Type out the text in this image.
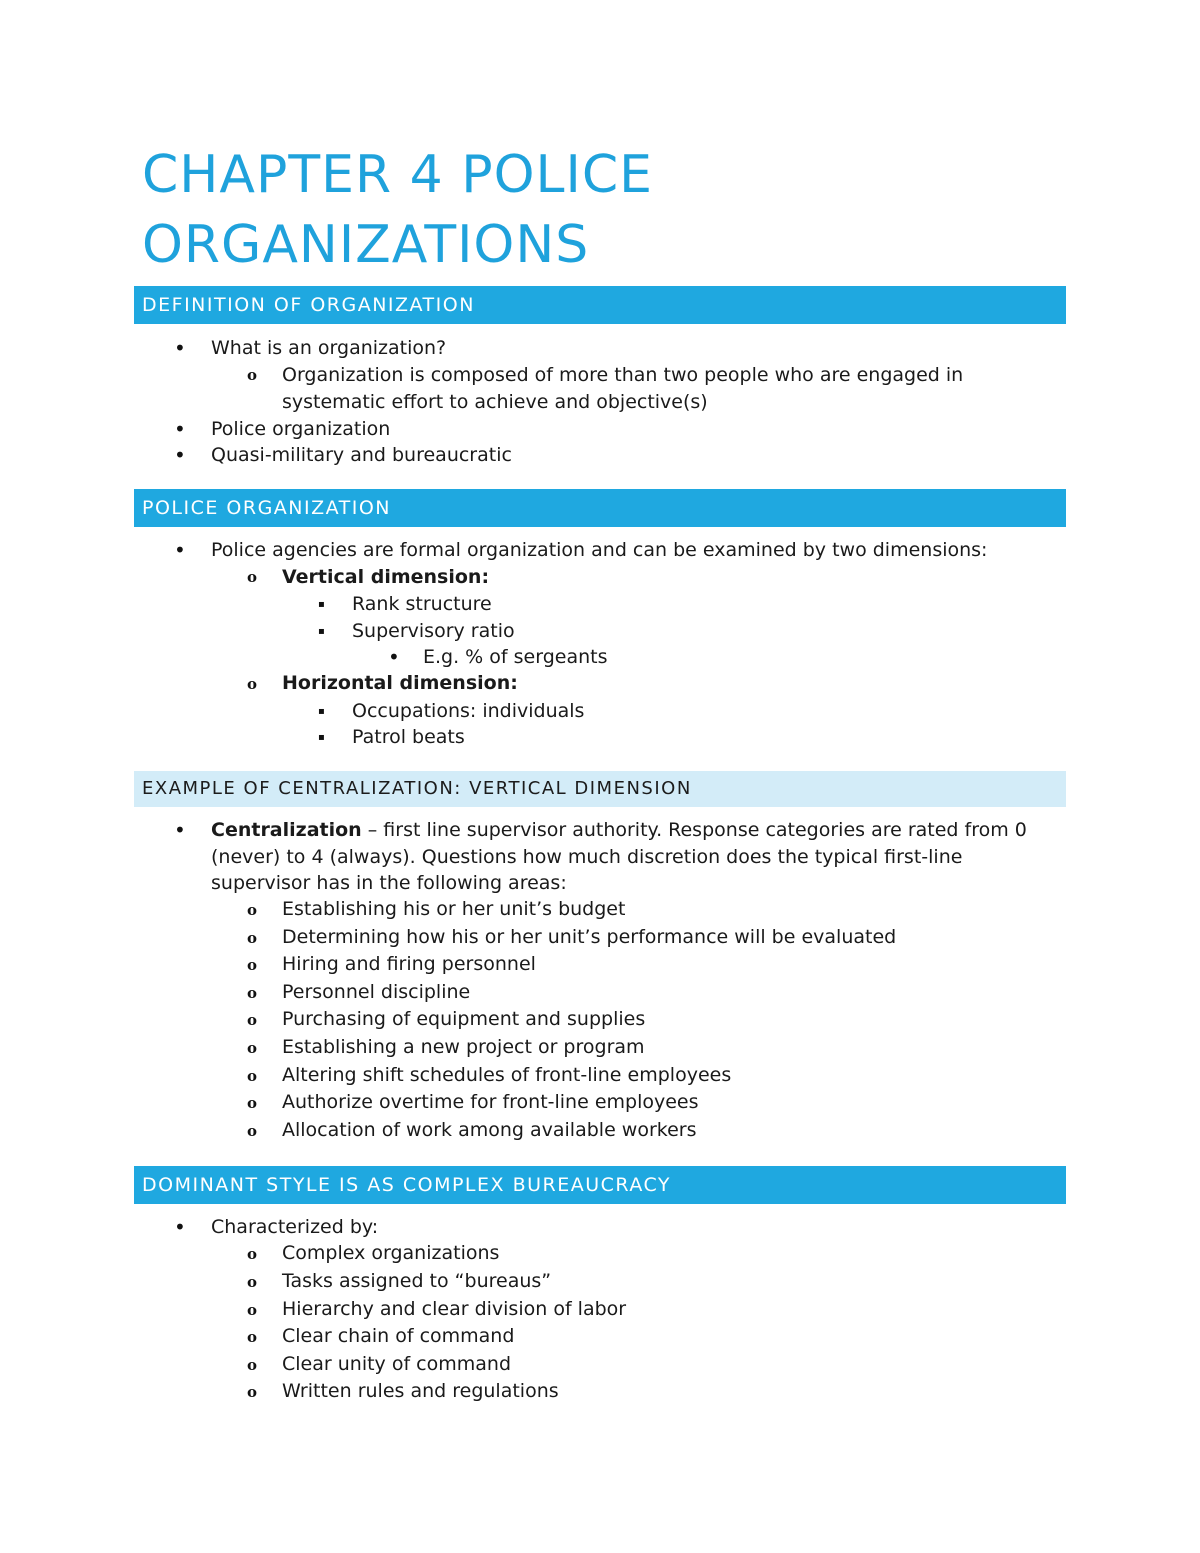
CHAPTER 4 POLICE
ORGANIZATIONS
DEFINITION OF ORGANIZATION
• What is an organization?
o Organization is composed of more than two people who are engaged in
systematic effort to achieve and objective(s)
• Police organization
• Quasi-military and bureaucratic
POLICE ORGANIZATION
• Police agencies are formal organization and can be examined by two dimensions:
o Vertical dimension:
▪ Rank structure
▪ Supervisory ratio
• E.g. % of sergeants
o Horizontal dimension:
▪ Occupations: individuals
▪ Patrol beats
EXAMPLE OF CENTRALIZATION: VERTICAL DIMENSION
• Centralization – first line supervisor authority. Response categories are rated from 0
(never) to 4 (always). Questions how much discretion does the typical first-line
supervisor has in the following areas:
o Establishing his or her unit’s budget
o Determining how his or her unit’s performance will be evaluated
o Hiring and firing personnel
o Personnel discipline
o Purchasing of equipment and supplies
o Establishing a new project or program
o Altering shift schedules of front-line employees
o Authorize overtime for front-line employees
o Allocation of work among available workers
DOMINANT STYLE IS AS COMPLEX BUREAUCRACY
• Characterized by:
o Complex organizations
o Tasks assigned to “bureaus”
o Hierarchy and clear division of labor
o Clear chain of command
o Clear unity of command
o Written rules and regulations
